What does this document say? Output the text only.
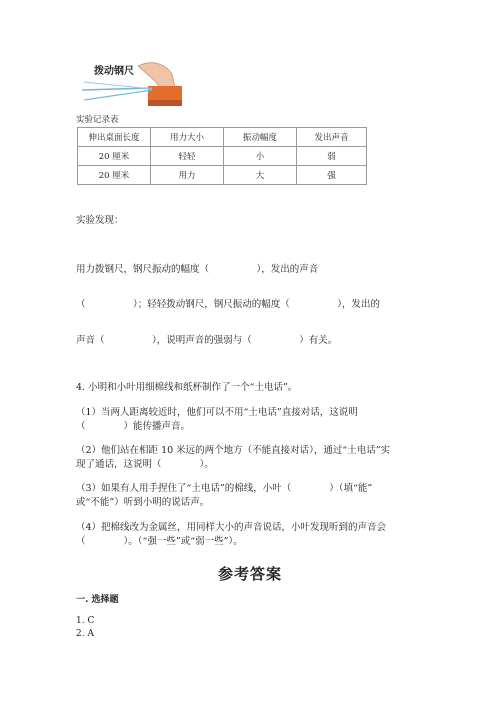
拨动钢尺
实验记录表
伸出桌面长度	用力大小	振动幅度	发出声音
20 厘米	轻轻	小	弱
20 厘米	用力	大	强
实验发现：
用力拨钢尺，钢尺振动的幅度（　　　　　），发出的声音
（　　　　　）；轻轻拨动钢尺，钢尺振动的幅度（　　　　　），发出的
声音（　　　　　），说明声音的强弱与（　　　　　）有关。
4. 小明和小叶用细棉线和纸杯制作了一个“土电话”。
（1）当两人距离较近时，他们可以不用“土电话”直接对话，这说明
（　　　　）能传播声音。
（2）他们站在相距 10 米远的两个地方（不能直接对话），通过“土电话”实
现了通话，这说明（　　　　）。
（3）如果有人用手捏住了“土电话”的棉线，小叶（　　　　）（填“能”
或“不能”）听到小明的说话声。
（4）把棉线改为金属丝，用同样大小的声音说话，小叶发现听到的声音会
（　　　　）。（“强一些”或“弱一些”）。
参考答案
一. 选择题
1. C
2. A
